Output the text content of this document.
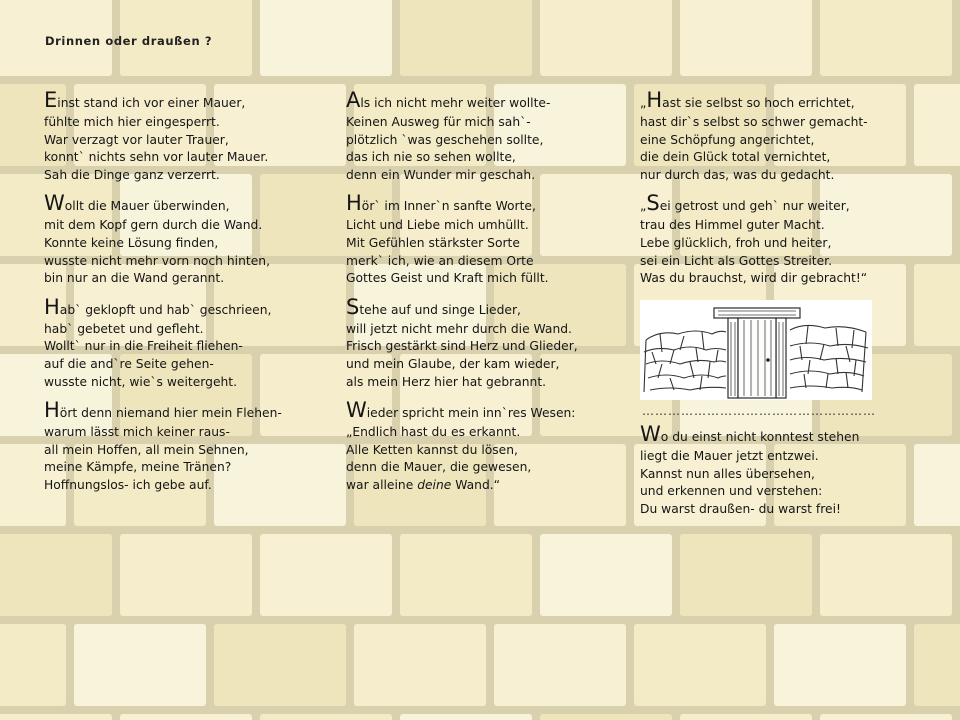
Drinnen oder draußen ?
Einst stand ich vor einer Mauer,
fühlte mich hier eingesperrt.
War verzagt vor lauter Trauer,
konnt` nichts sehn vor lauter Mauer.
Sah die Dinge ganz verzerrt.
Wollt die Mauer überwinden,
mit dem Kopf gern durch die Wand.
Konnte keine Lösung finden,
wusste nicht mehr vorn noch hinten,
bin nur an die Wand gerannt.
Hab` geklopft und hab` geschrieen,
hab` gebetet und gefleht.
Wollt` nur in die Freiheit fliehen-
auf die and`re Seite gehen-
wusste nicht, wie`s weitergeht.
Hört denn niemand hier mein Flehen-
warum lässt mich keiner raus-
all mein Hoffen, all mein Sehnen,
meine Kämpfe, meine Tränen?
Hoffnungslos- ich gebe auf.
Als ich nicht mehr weiter wollte-
Keinen Ausweg für mich sah`-
plötzlich `was geschehen sollte,
das ich nie so sehen wollte,
denn ein Wunder mir geschah.
Hör` im Inner`n sanfte Worte,
Licht und Liebe mich umhüllt.
Mit Gefühlen stärkster Sorte
merk` ich, wie an diesem Orte
Gottes Geist und Kraft mich füllt.
Stehe auf und singe Lieder,
will jetzt nicht mehr durch die Wand.
Frisch gestärkt sind Herz und Glieder,
und mein Glaube, der kam wieder,
als mein Herz hier hat gebrannt.
Wieder spricht mein inn`res Wesen:
„Endlich hast du es erkannt.
Alle Ketten kannst du lösen,
denn die Mauer, die gewesen,
war alleine deine Wand.“
„Hast sie selbst so hoch errichtet,
hast dir`s selbst so schwer gemacht-
eine Schöpfung angerichtet,
die dein Glück total vernichtet,
nur durch das, was du gedacht.
„Sei getrost und geh` nur weiter,
trau des Himmel guter Macht.
Lebe glücklich, froh und heiter,
sei ein Licht als Gottes Streiter.
Was du brauchst, wird dir gebracht!“
………………………………………………
Wo du einst nicht konntest stehen
liegt die Mauer jetzt entzwei.
Kannst nun alles übersehen,
und erkennen und verstehen:
Du warst draußen- du warst frei!
